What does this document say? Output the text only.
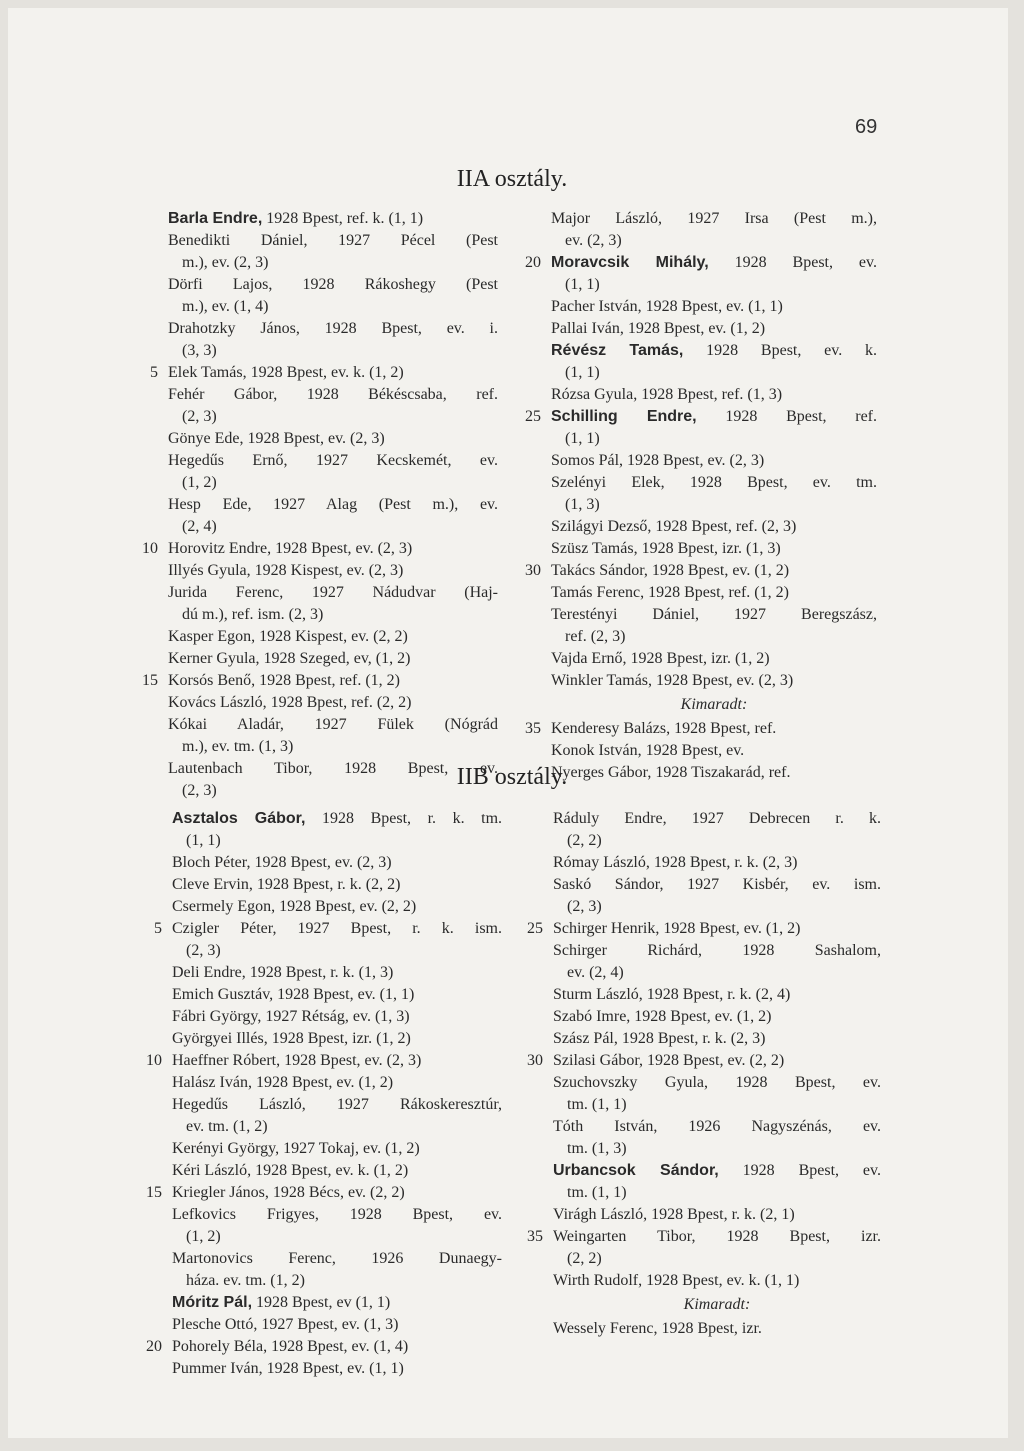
69
IIA osztály.
Barla Endre, 1928 Bpest, ref. k. (1, 1)
Benedikti Dániel, 1927 Pécel (Pest
m.), ev. (2, 3)
Dörfi Lajos, 1928 Rákoshegy (Pest
m.), ev. (1, 4)
Drahotzky János, 1928 Bpest, ev. i.
(3, 3)
5 Elek Tamás, 1928 Bpest, ev. k. (1, 2)
Fehér Gábor, 1928 Békéscsaba, ref.
(2, 3)
Gönye Ede, 1928 Bpest, ev. (2, 3)
Hegedűs Ernő, 1927 Kecskemét, ev.
(1, 2)
Hesp Ede, 1927 Alag (Pest m.), ev.
(2, 4)
10 Horovitz Endre, 1928 Bpest, ev. (2, 3)
Illyés Gyula, 1928 Kispest, ev. (2, 3)
Jurida Ferenc, 1927 Nádudvar (Haj-
dú m.), ref. ism. (2, 3)
Kasper Egon, 1928 Kispest, ev. (2, 2)
Kerner Gyula, 1928 Szeged, ev, (1, 2)
15 Korsós Benő, 1928 Bpest, ref. (1, 2)
Kovács László, 1928 Bpest, ref. (2, 2)
Kókai Aladár, 1927 Fülek (Nógrád
m.), ev. tm. (1, 3)
Lautenbach Tibor, 1928 Bpest, ev.
(2, 3)
Major László, 1927 Irsa (Pest m.),
ev. (2, 3)
20 Moravcsik Mihály, 1928 Bpest, ev.
(1, 1)
Pacher István, 1928 Bpest, ev. (1, 1)
Pallai Iván, 1928 Bpest, ev. (1, 2)
Révész Tamás, 1928 Bpest, ev. k.
(1, 1)
Rózsa Gyula, 1928 Bpest, ref. (1, 3)
25 Schilling Endre, 1928 Bpest, ref.
(1, 1)
Somos Pál, 1928 Bpest, ev. (2, 3)
Szelényi Elek, 1928 Bpest, ev. tm.
(1, 3)
Szilágyi Dezső, 1928 Bpest, ref. (2, 3)
Szüsz Tamás, 1928 Bpest, izr. (1, 3)
30 Takács Sándor, 1928 Bpest, ev. (1, 2)
Tamás Ferenc, 1928 Bpest, ref. (1, 2)
Terestényi Dániel, 1927 Beregszász,
ref. (2, 3)
Vajda Ernő, 1928 Bpest, izr. (1, 2)
Winkler Tamás, 1928 Bpest, ev. (2, 3)
Kimaradt:
35 Kenderesy Balázs, 1928 Bpest, ref.
Konok István, 1928 Bpest, ev.
Nyerges Gábor, 1928 Tiszakarád, ref.
IIB osztály.
Asztalos Gábor, 1928 Bpest, r. k. tm.
(1, 1)
Bloch Péter, 1928 Bpest, ev. (2, 3)
Cleve Ervin, 1928 Bpest, r. k. (2, 2)
Csermely Egon, 1928 Bpest, ev. (2, 2)
5 Czigler Péter, 1927 Bpest, r. k. ism.
(2, 3)
Deli Endre, 1928 Bpest, r. k. (1, 3)
Emich Gusztáv, 1928 Bpest, ev. (1, 1)
Fábri György, 1927 Rétság, ev. (1, 3)
Györgyei Illés, 1928 Bpest, izr. (1, 2)
10 Haeffner Róbert, 1928 Bpest, ev. (2, 3)
Halász Iván, 1928 Bpest, ev. (1, 2)
Hegedűs László, 1927 Rákoskeresztúr,
ev. tm. (1, 2)
Kerényi György, 1927 Tokaj, ev. (1, 2)
Kéri László, 1928 Bpest, ev. k. (1, 2)
15 Kriegler János, 1928 Bécs, ev. (2, 2)
Lefkovics Frigyes, 1928 Bpest, ev.
(1, 2)
Martonovics Ferenc, 1926 Dunaegy-
háza. ev. tm. (1, 2)
Móritz Pál, 1928 Bpest, ev (1, 1)
Plesche Ottó, 1927 Bpest, ev. (1, 3)
20 Pohorely Béla, 1928 Bpest, ev. (1, 4)
Pummer Iván, 1928 Bpest, ev. (1, 1)
Ráduly Endre, 1927 Debrecen r. k.
(2, 2)
Rómay László, 1928 Bpest, r. k. (2, 3)
Saskó Sándor, 1927 Kisbér, ev. ism.
(2, 3)
25 Schirger Henrik, 1928 Bpest, ev. (1, 2)
Schirger Richárd, 1928 Sashalom,
ev. (2, 4)
Sturm László, 1928 Bpest, r. k. (2, 4)
Szabó Imre, 1928 Bpest, ev. (1, 2)
Szász Pál, 1928 Bpest, r. k. (2, 3)
30 Szilasi Gábor, 1928 Bpest, ev. (2, 2)
Szuchovszky Gyula, 1928 Bpest, ev.
tm. (1, 1)
Tóth István, 1926 Nagyszénás, ev.
tm. (1, 3)
Urbancsok Sándor, 1928 Bpest, ev.
tm. (1, 1)
Virágh László, 1928 Bpest, r. k. (2, 1)
35 Weingarten Tibor, 1928 Bpest, izr.
(2, 2)
Wirth Rudolf, 1928 Bpest, ev. k. (1, 1)
Kimaradt:
Wessely Ferenc, 1928 Bpest, izr.
